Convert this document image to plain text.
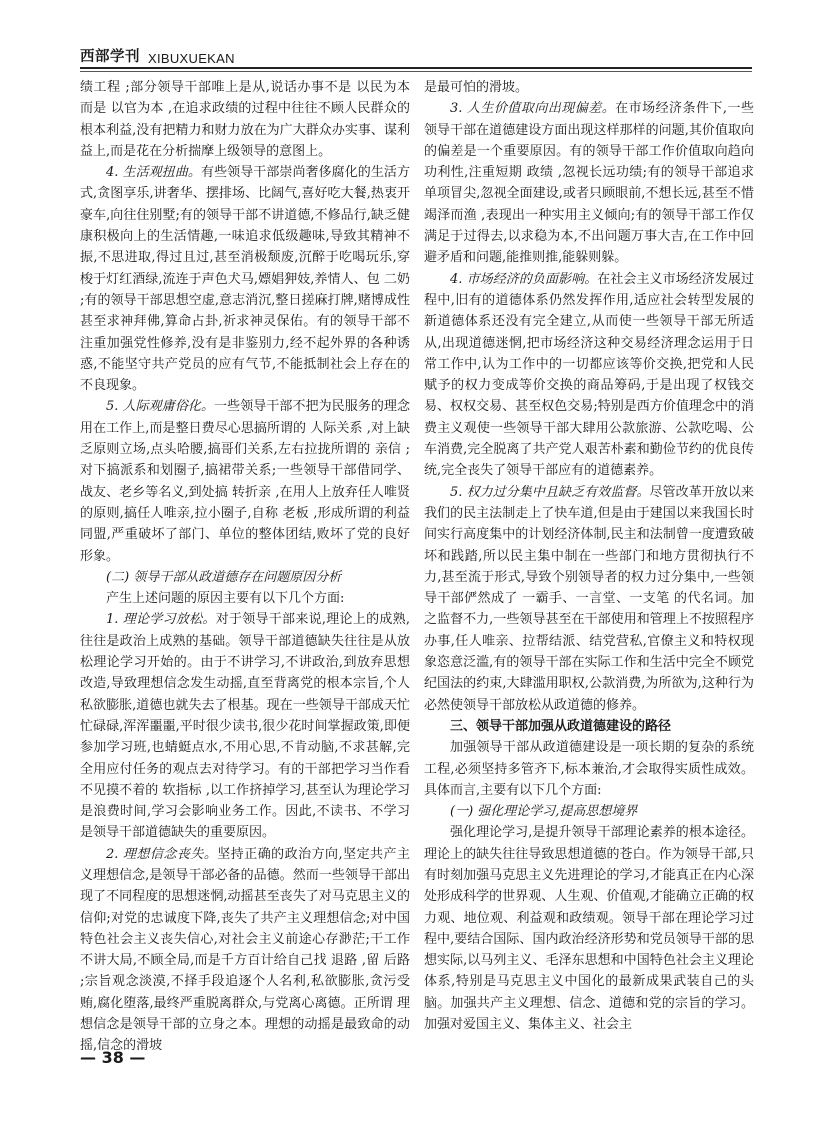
西部学刊 XIBUXUEKAN

绩工程 ;部分领导干部唯上是从,说话办事不是 以民为本 而是 以官为本 ,在追求政绩的过程中往往不顾人民群众的根本利益,没有把精力和财力放在为广大群众办实事、谋利益上,而是花在分析揣摩上级领导的意图上。

4. 生活观扭曲。有些领导干部崇尚奢侈腐化的生活方式,贪图享乐,讲奢华、摆排场、比阔气,喜好吃大餐,热衷开豪车,向往住别墅;有的领导干部不讲道德,不修品行,缺乏健康积极向上的生活情趣,一味追求低级趣味,导致其精神不振,不思进取,得过且过,甚至消极颓废,沉醉于吃喝玩乐,穿梭于灯红酒绿,流连于声色犬马,嫖娼狎妓,养情人、包 二奶 ;有的领导干部思想空虚,意志消沉,整日搓麻打牌,赌博成性甚至求神拜佛,算命占卦,祈求神灵保佑。有的领导干部不注重加强党性修养,没有是非鉴别力,经不起外界的各种诱惑,不能坚守共产党员的应有气节,不能抵制社会上存在的不良现象。

5. 人际观庸俗化。一些领导干部不把为民服务的理念用在工作上,而是整日费尽心思搞所谓的 人际关系 ,对上缺乏原则立场,点头哈腰,搞哥们关系,左右拉拢所谓的 亲信 ;对下搞派系和划圈子,搞裙带关系;一些领导干部借同学、战友、老乡等名义,到处搞 转折亲 ,在用人上放弃任人唯贤的原则,搞任人唯亲,拉小圈子,自称 老板 ,形成所谓的利益同盟,严重破坏了部门、单位的整体团结,败坏了党的良好形象。

(二) 领导干部从政道德存在问题原因分析

产生上述问题的原因主要有以下几个方面:

1. 理论学习放松。对于领导干部来说,理论上的成熟,往往是政治上成熟的基础。领导干部道德缺失往往是从放松理论学习开始的。由于不讲学习,不讲政治,到放弃思想改造,导致理想信念发生动摇,直至背离党的根本宗旨,个人私欲膨胀,道德也就失去了根基。现在一些领导干部成天忙忙碌碌,浑浑噩噩,平时很少读书,很少花时间掌握政策,即便参加学习班,也蜻蜓点水,不用心思,不肯动脑,不求甚解,完全用应付任务的观点去对待学习。有的干部把学习当作看不见摸不着的 软指标 ,以工作挤掉学习,甚至认为理论学习是浪费时间,学习会影响业务工作。因此,不读书、不学习是领导干部道德缺失的重要原因。

2. 理想信念丧失。坚持正确的政治方向,坚定共产主义理想信念,是领导干部必备的品德。然而一些领导干部出现了不同程度的思想迷惘,动摇甚至丧失了对马克思主义的信仰;对党的忠诚度下降,丧失了共产主义理想信念;对中国特色社会主义丧失信心,对社会主义前途心存渺茫;干工作不讲大局,不顾全局,而是千方百计给自己找 退路 ,留 后路 ;宗旨观念淡漠,不择手段追逐个人名利,私欲膨胀,贪污受贿,腐化堕落,最终严重脱离群众,与党离心离德。正所谓 理想信念是领导干部的立身之本。理想的动摇是最致命的动摇,信念的滑坡

是最可怕的滑坡。

3. 人生价值取向出现偏差。在市场经济条件下,一些领导干部在道德建设方面出现这样那样的问题,其价值取向的偏差是一个重要原因。有的领导干部工作价值取向趋向功利性,注重短期 政绩 ,忽视长远功绩;有的领导干部追求单项冒尖,忽视全面建设,或者只顾眼前,不想长远,甚至不惜 竭泽而渔 ,表现出一种实用主义倾向;有的领导干部工作仅满足于过得去,以求稳为本,不出问题万事大吉,在工作中回避矛盾和问题,能推则推,能躲则躲。

4. 市场经济的负面影响。在社会主义市场经济发展过程中,旧有的道德体系仍然发挥作用,适应社会转型发展的新道德体系还没有完全建立,从而使一些领导干部无所适从,出现道德迷惘,把市场经济这种交易经济理念运用于日常工作中,认为工作中的一切都应该等价交换,把党和人民赋予的权力变成等价交换的商品筹码,于是出现了权钱交易、权权交易、甚至权色交易;特别是西方价值理念中的消费主义观使一些领导干部大肆用公款旅游、公款吃喝、公车消费,完全脱离了共产党人艰苦朴素和勤俭节约的优良传统,完全丧失了领导干部应有的道德素养。

5. 权力过分集中且缺乏有效监督。尽管改革开放以来我们的民主法制走上了快车道,但是由于建国以来我国长时间实行高度集中的计划经济体制,民主和法制曾一度遭致破坏和践踏,所以民主集中制在一些部门和地方贯彻执行不力,甚至流于形式,导致个别领导者的权力过分集中,一些领导干部俨然成了 一霸手、一言堂、一支笔 的代名词。加之监督不力,一些领导甚至在干部使用和管理上不按照程序办事,任人唯亲、拉帮结派、结党营私,官僚主义和特权现象恣意泛滥,有的领导干部在实际工作和生活中完全不顾党纪国法的约束,大肆滥用职权,公款消费,为所欲为,这种行为必然使领导干部放松从政道德的修养。

三、领导干部加强从政道德建设的路径

加强领导干部从政道德建设是一项长期的复杂的系统工程,必须坚持多管齐下,标本兼治,才会取得实质性成效。具体而言,主要有以下几个方面:

(一) 强化理论学习,提高思想境界

强化理论学习,是提升领导干部理论素养的根本途径。理论上的缺失往往导致思想道德的苍白。作为领导干部,只有时刻加强马克思主义先进理论的学习,才能真正在内心深处形成科学的世界观、人生观、价值观,才能确立正确的权力观、地位观、利益观和政绩观。领导干部在理论学习过程中,要结合国际、国内政治经济形势和党员领导干部的思想实际,以马列主义、毛泽东思想和中国特色社会主义理论体系,特别是马克思主义中国化的最新成果武装自己的头脑。加强共产主义理想、信念、道德和党的宗旨的学习。加强对爱国主义、集体主义、社会主

— 38 —
